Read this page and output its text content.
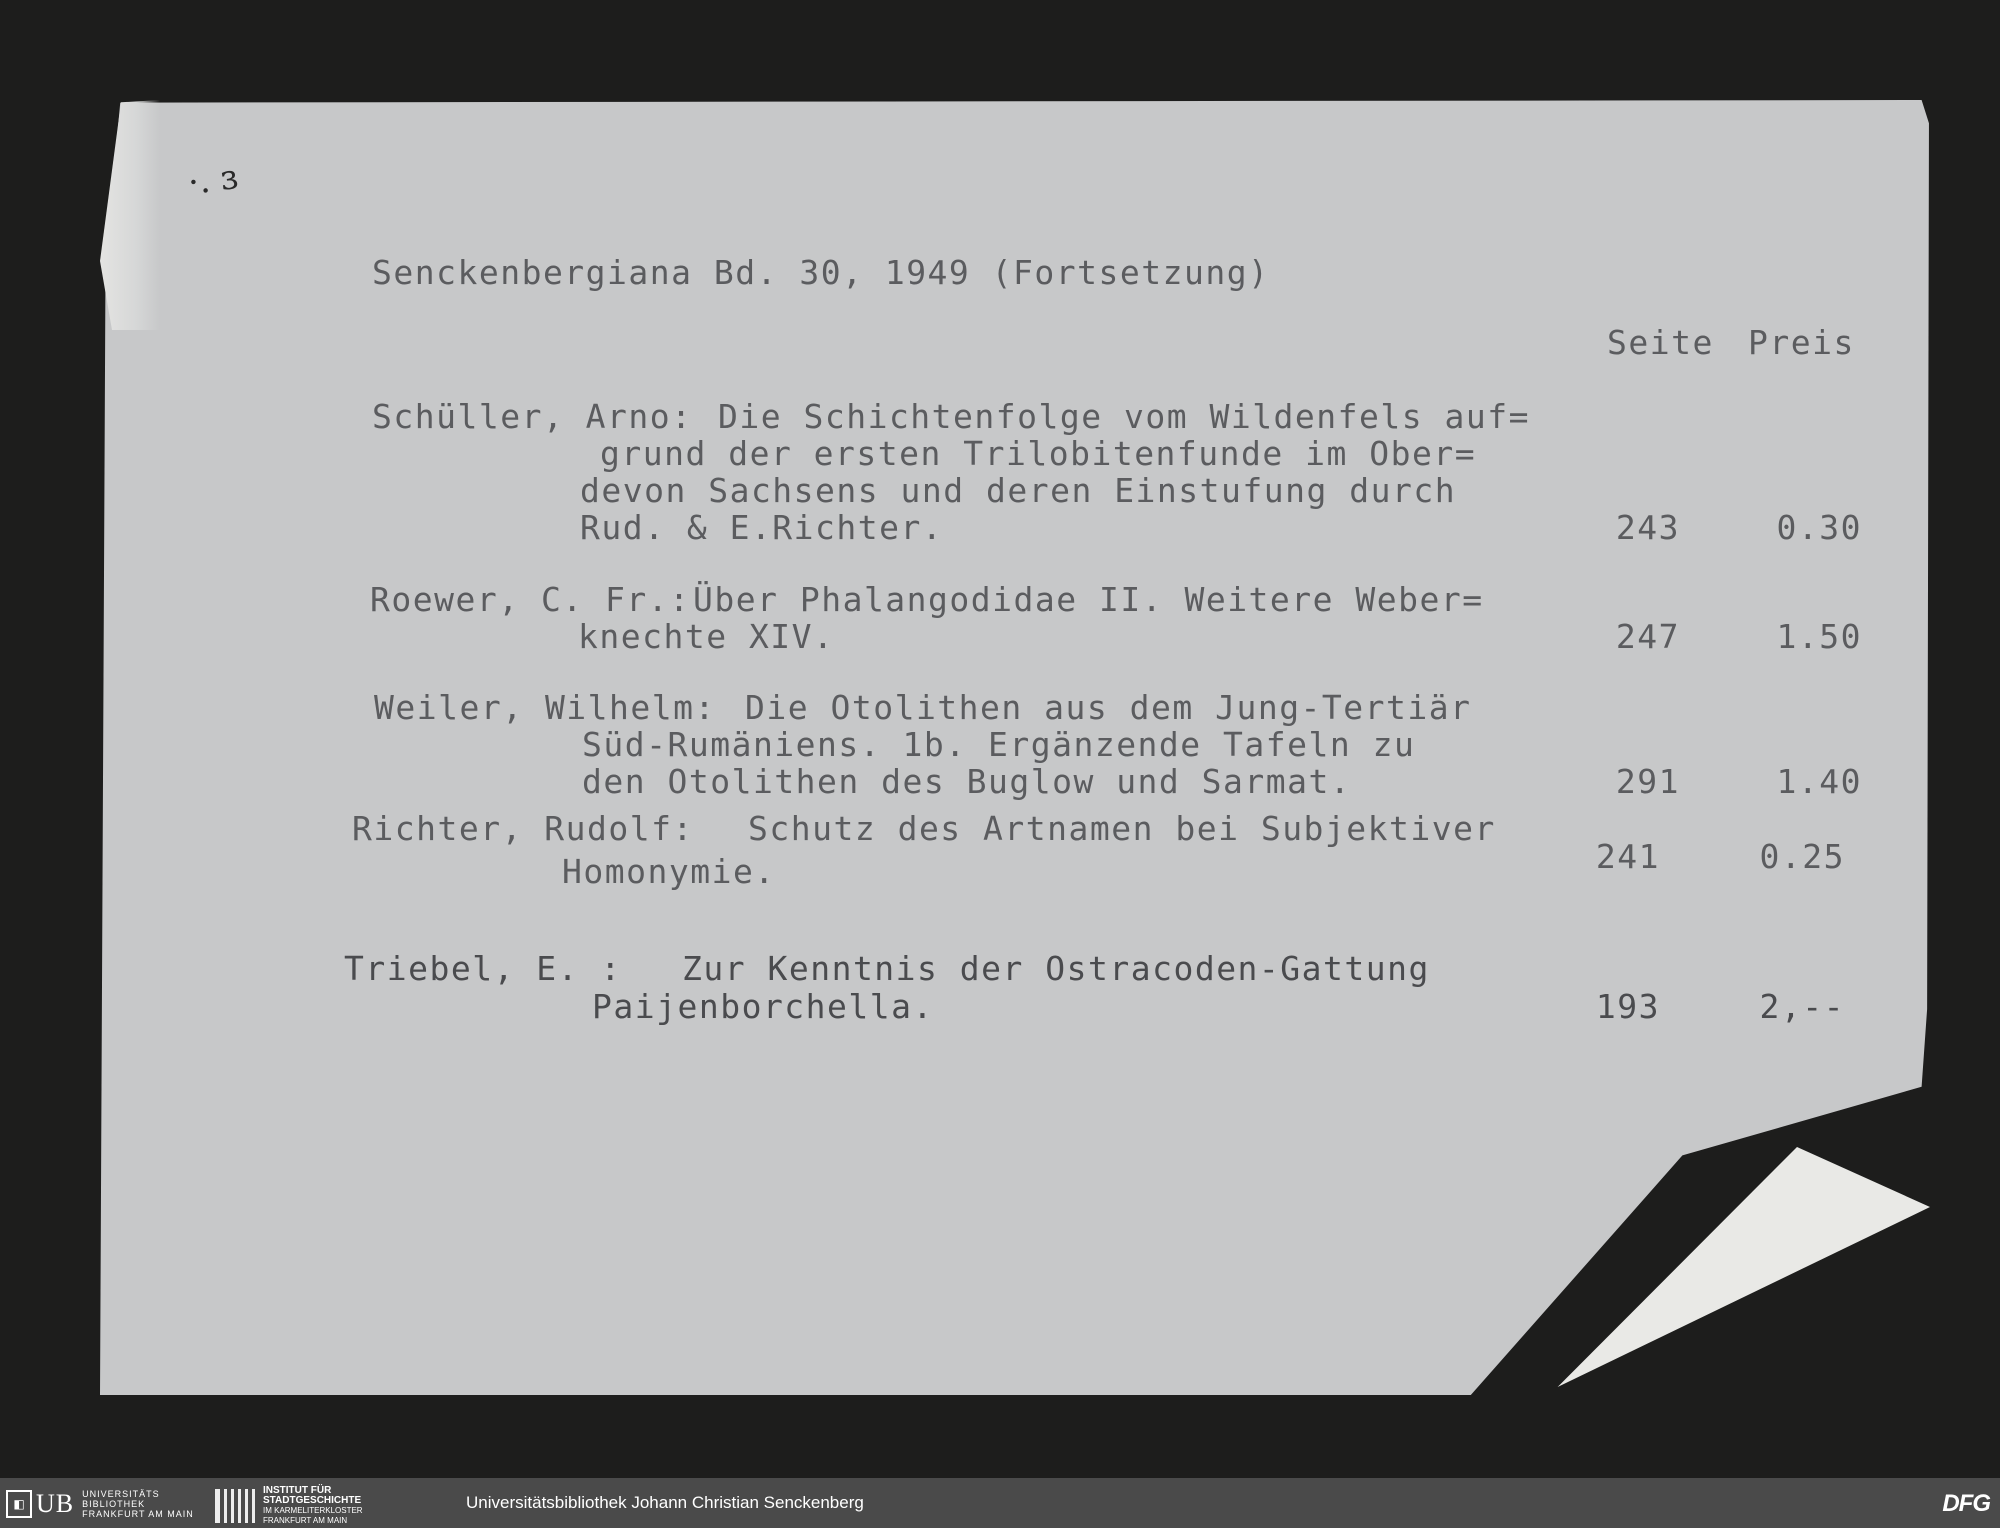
·. ɜ
Senckenbergiana Bd. 30, 1949 (Fortsetzung)
Seite Preis
Schüller, Arno: Die Schichtenfolge vom Wildenfels auf=
grund der ersten Trilobitenfunde im Ober=
devon Sachsens und deren Einstufung durch
Rud. & E.Richter.	243	0.30
Roewer, C. Fr.: Über Phalangodidae II. Weitere Weber=
knechte XIV.	247	1.50
Weiler, Wilhelm: Die Otolithen aus dem Jung-Tertiär
Süd-Rumäniens. 1b. Ergänzende Tafeln zu
den Otolithen des Buglow und Sarmat.	291	1.40
Richter, Rudolf: Schutz des Artnamen bei Subjektiver
Homonymie.	241	0.25
Triebel, E. : Zur Kenntnis der Ostracoden-Gattung
Paijenborchella.	193	2,--
◧ UB UNIVERSITÄTS
BIBLIOTHEK
FRANKFURT AM MAIN
INSTITUT FÜR
STADTGESCHICHTE
IM KARMELITERKLOSTER
FRANKFURT AM MAIN
Universitätsbibliothek Johann Christian Senckenberg	DFG
